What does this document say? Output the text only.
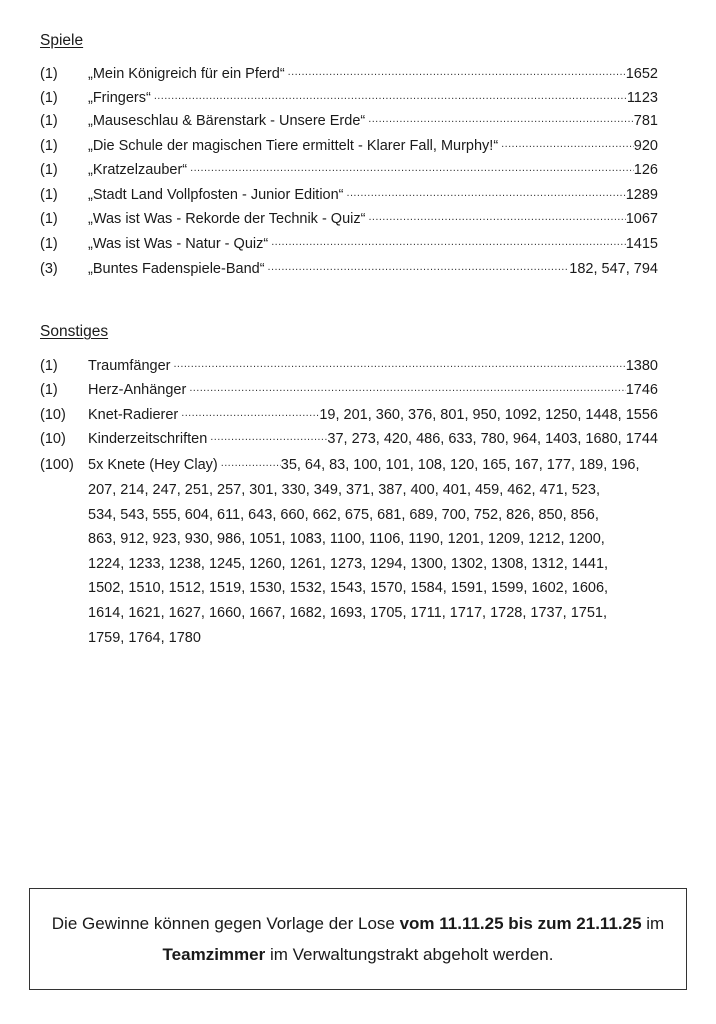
Spiele
(1)	„Mein Königreich für ein Pferd“ .....	1652
(1)	„Fringers“ .....	1123
(1)	„Mauseschlau & Bärenstark - Unsere Erde“ .....	781
(1)	„Die Schule der magischen Tiere ermittelt - Klarer Fall, Murphy!“ .....	920
(1)	„Kratzelzauber“ .....	126
(1)	„Stadt Land Vollpfosten - Junior Edition“ .....	1289
(1)	„Was ist Was - Rekorde der Technik - Quiz“ .....	1067
(1)	„Was ist Was - Natur - Quiz“ .....	1415
(3)	„Buntes Fadenspiele-Band“ .....	182, 547, 794
Sonstiges
(1)	Traumfänger .....	1380
(1)	Herz-Anhänger .....	1746
(10)	Knet-Radierer .....	19, 201, 360, 376, 801, 950, 1092, 1250, 1448, 1556
(10)	Kinderzeitschriften .....	37, 273, 420, 486, 633, 780, 964, 1403, 1680, 1744
(100) 5x Knete (Hey Clay) .....	35, 64, 83, 100, 101, 108, 120, 165, 167, 177, 189, 196,
207, 214, 247, 251, 257, 301, 330, 349, 371, 387, 400, 401, 459, 462, 471, 523,
534, 543, 555, 604, 611, 643, 660, 662, 675, 681, 689, 700, 752, 826, 850, 856,
863, 912, 923, 930, 986, 1051, 1083, 1100, 1106, 1190, 1201, 1209, 1212, 1200,
1224, 1233, 1238, 1245, 1260, 1261, 1273, 1294, 1300, 1302, 1308, 1312, 1441,
1502, 1510, 1512, 1519, 1530, 1532, 1543, 1570, 1584, 1591, 1599, 1602, 1606,
1614, 1621, 1627, 1660, 1667, 1682, 1693, 1705, 1711, 1717, 1728, 1737, 1751,
1759, 1764, 1780

Die Gewinne können gegen Vorlage der Lose vom 11.11.25 bis zum 21.11.25 im Teamzimmer im Verwaltungstrakt abgeholt werden.
